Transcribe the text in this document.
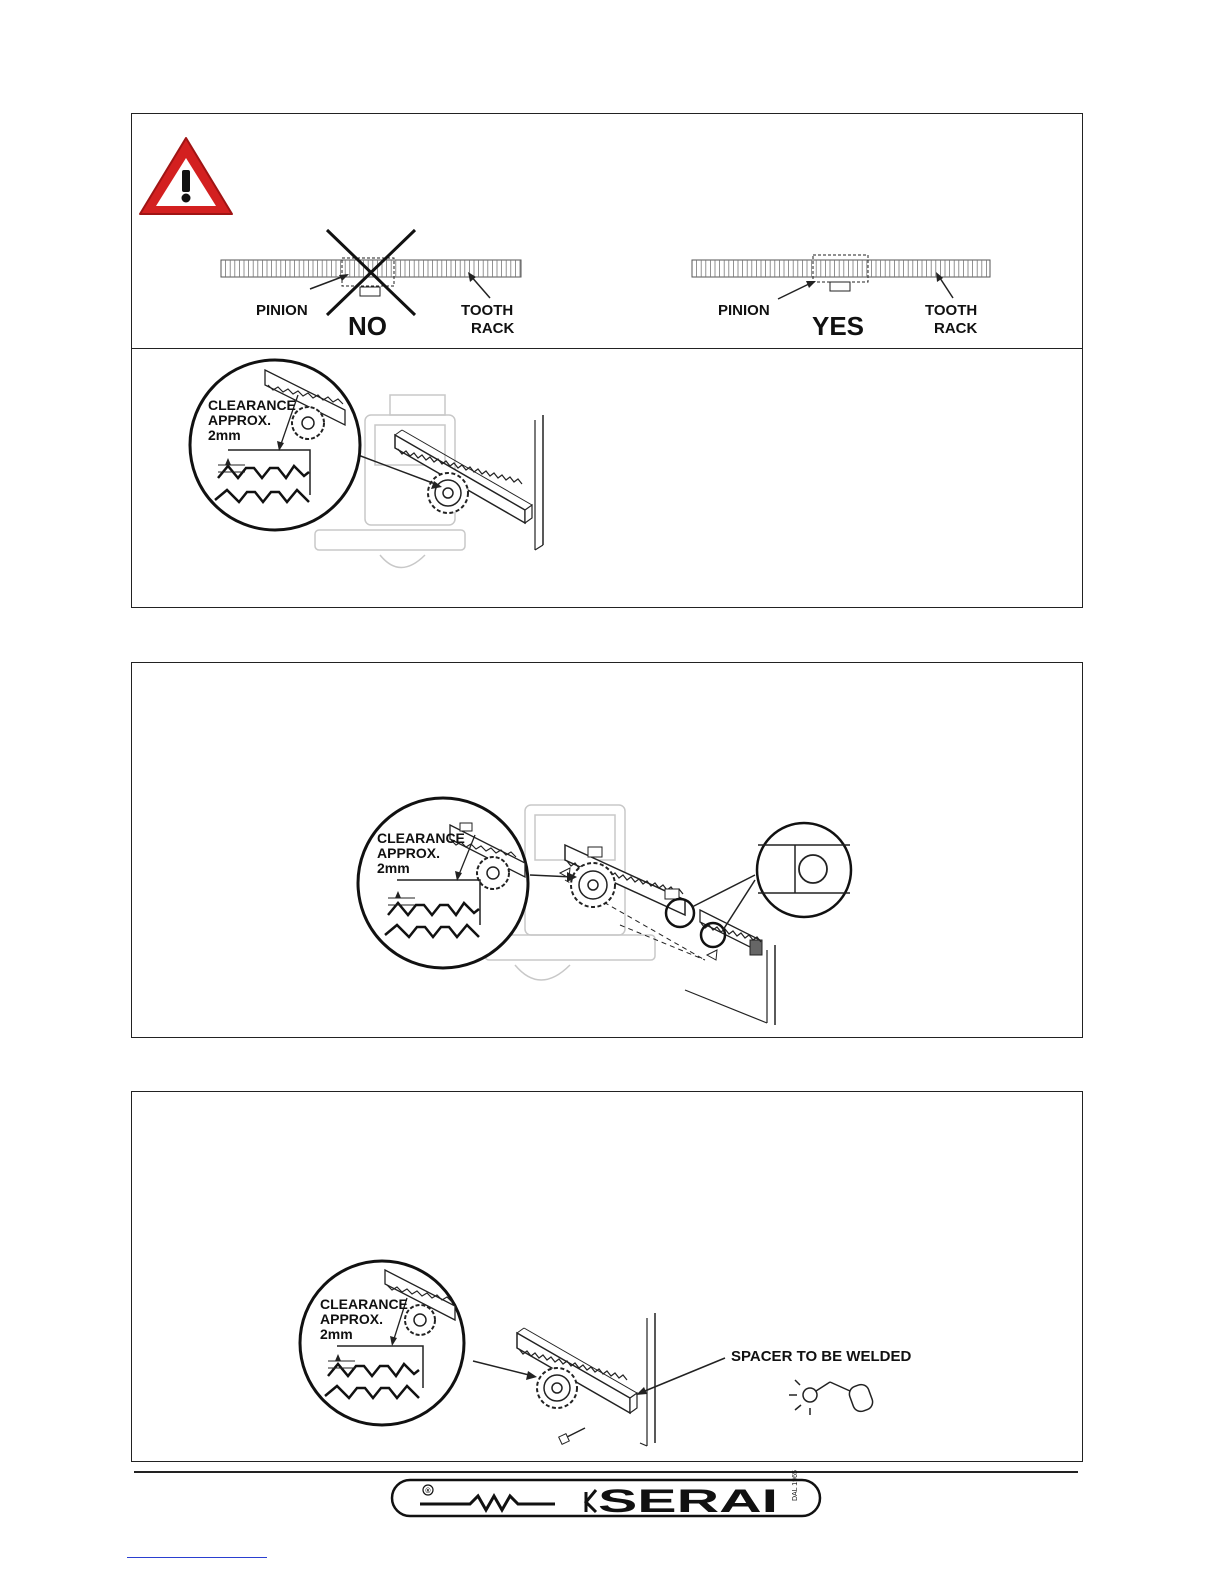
PINION
NO
TOOTH
RACK
PINION
YES
TOOTH
RACK
CLEARANCE
APPROX.
2mm
CLEARANCE
APPROX.
2mm
SPACER TO BE WELDED
CLEARANCE
APPROX.
2mm
®	SERAI DAL 1965
